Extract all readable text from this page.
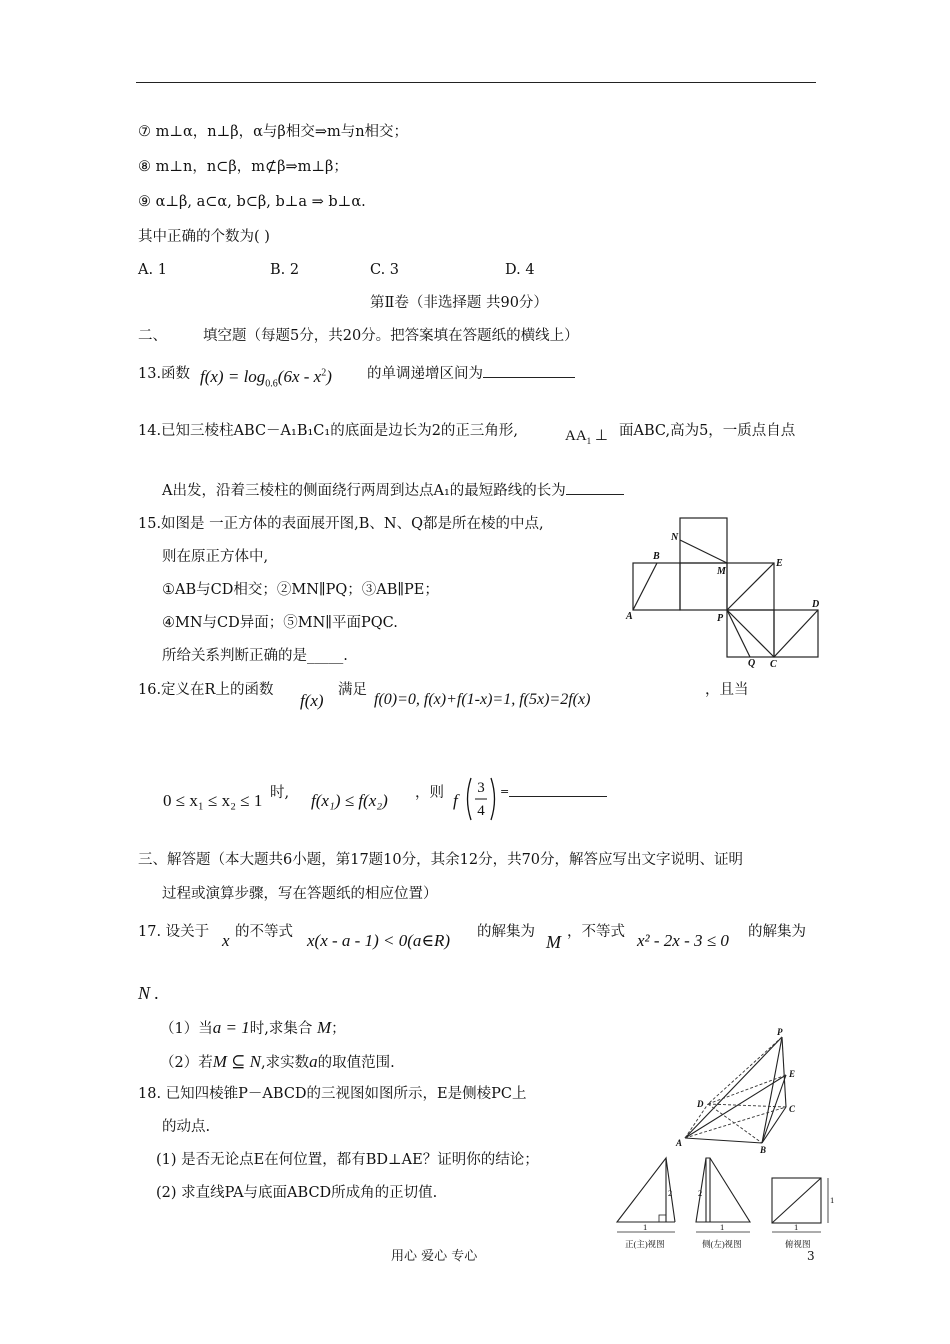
⑦ m⊥α，n⊥β，α与β相交⇒m与n相交；
⑧ m⊥n，n⊂β，m⊄β⇒m⊥β；
⑨ α⊥β, a⊂α, b⊂β, b⊥a ⇒ b⊥α.
其中正确的个数为( )
A. 1	B. 2	C. 3	D. 4
第Ⅱ卷（非选择题 共90分）
二、 填空题（每题5分，共20分。把答案填在答题纸的横线上）
13.函数 $f(x) = \log_{0.6}(6x - x^2)$ 的单调递增区间为
14.已知三棱柱ABC－A₁B₁C₁的底面是边长为2的正三角形,	$AA_1$ ⊥ 面ABC,高为5，一质点自点
A出发，沿着三棱柱的侧面绕行两周到达点A₁的最短路线的长为
15.如图是 一正方体的表面展开图,B、N、Q都是所在棱的中点,
则在原正方体中,
①AB与CD相交；②MN∥PQ；③AB∥PE；
④MN与CD异面；⑤MN∥平面PQC.
所给关系判断正确的是_____.
B
N
M
E
A	P
D
Q C
16.定义在R上的函数
f(x)
满足
f(0)=0, f(x)+f(1-x)=1, f(5x)=2f(x)
，且当
0 ≤ x₁ ≤ x₂ ≤ 1 时, f(x₁) ≤ f(x₂) ，则 f
3
4
=
三、解答题（本大题共6小题，第17题10分，其余12分，共70分，解答应写出文字说明、证明
过程或演算步骤，写在答题纸的相应位置）
17. 设关于 x 的不等式 x(x - a - 1) < 0(a∈R) 的解集为 M ，不等式 x² - 2x - 3 ≤ 0 的解集为
N .
（1）当a = 1时,求集合 M；
（2）若M ⊆ N,求实数a的取值范围.
18. 已知四棱锥P－ABCD的三视图如图所示，E是侧棱PC上
的动点.
(1) 是否无论点E在何位置，都有BD⊥AE？证明你的结论；
(2) 求直线PA与底面ABCD所成角的正切值.
P
E
D	C
A
B
2
1
2
1	1
1
正(主)视图	侧(左)视图	俯视图
用心 爱心 专心	3
